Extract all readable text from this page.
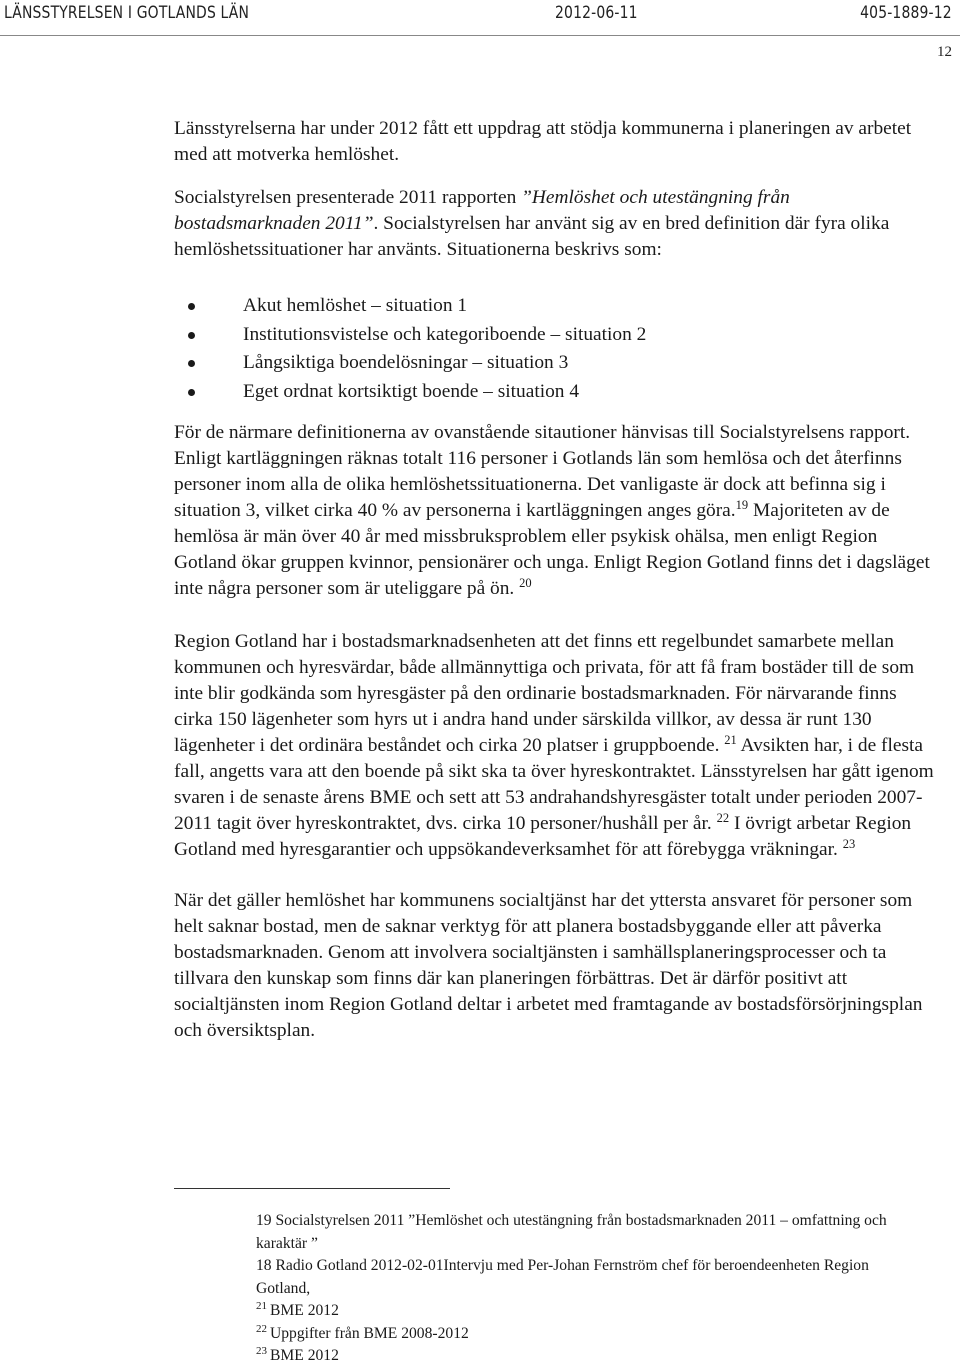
LÄNSSTYRELSEN I GOTLANDS LÄN	2012-06-11	405-1889-12
12

Länsstyrelserna har under 2012 fått ett uppdrag att stödja kommunerna i planeringen av arbetet med att motverka hemlöshet.

Socialstyrelsen presenterade 2011 rapporten ”Hemlöshet och utestängning från bostadsmarknaden 2011”. Socialstyrelsen har använt sig av en bred definition där fyra olika hemlöshetssituationer har använts. Situationerna beskrivs som:

Akut hemlöshet – situation 1
Institutionsvistelse och kategoriboende – situation 2
Långsiktiga boendelösningar – situation 3
Eget ordnat kortsiktigt boende – situation 4

För de närmare definitionerna av ovanstående sitautioner hänvisas till Socialstyrelsens rapport. Enligt kartläggningen räknas totalt 116 personer i Gotlands län som hemlösa och det återfinns personer inom alla de olika hemlöshetssituationerna. Det vanligaste är dock att befinna sig i situation 3, vilket cirka 40 % av personerna i kartläggningen anges göra.$^{19}$ Majoriteten av de hemlösa är män över 40 år med missbruksproblem eller psykisk ohälsa, men enligt Region Gotland ökar gruppen kvinnor, pensionärer och unga. Enligt Region Gotland finns det i dagsläget inte några personer som är uteliggare på ön. $^{20}$

Region Gotland har i bostadsmarknadsenheten att det finns ett regelbundet samarbete mellan kommunen och hyresvärdar, både allmännyttiga och privata, för att få fram bostäder till de som inte blir godkända som hyresgäster på den ordinarie bostadsmarknaden. För närvarande finns cirka 150 lägenheter som hyrs ut i andra hand under särskilda villkor, av dessa är runt 130 lägenheter i det ordinära beståndet och cirka 20 platser i gruppboende. $^{21}$ Avsikten har, i de flesta fall, angetts vara att den boende på sikt ska ta över hyreskontraktet. Länsstyrelsen har gått igenom svaren i de senaste årens BME och sett att 53 andrahandshyresgäster totalt under perioden 2007-2011 tagit över hyreskontraktet, dvs. cirka 10 personer/hushåll per år. $^{22}$ I övrigt arbetar Region Gotland med hyresgarantier och uppsökandeverksamhet för att förebygga vräkningar. $^{23}$

När det gäller hemlöshet har kommunens socialtjänst har det yttersta ansvaret för personer som helt saknar bostad, men de saknar verktyg för att planera bostadsbyggande eller att påverka bostadsmarknaden. Genom att involvera socialtjänsten i samhällsplaneringsprocesser och ta tillvara den kunskap som finns där kan planeringen förbättras. Det är därför positivt att socialtjänsten inom Region Gotland deltar i arbetet med framtagande av bostadsförsörjningsplan och översiktsplan.

19 Socialstyrelsen 2011 ”Hemlöshet och utestängning från bostadsmarknaden 2011 – omfattning och karaktär ”

18 Radio Gotland 2012-02-01Intervju med Per-Johan Fernström chef för beroendeenheten Region Gotland,

$^{21}$ BME 2012

$^{22}$ Uppgifter från BME 2008-2012

$^{23}$ BME 2012
